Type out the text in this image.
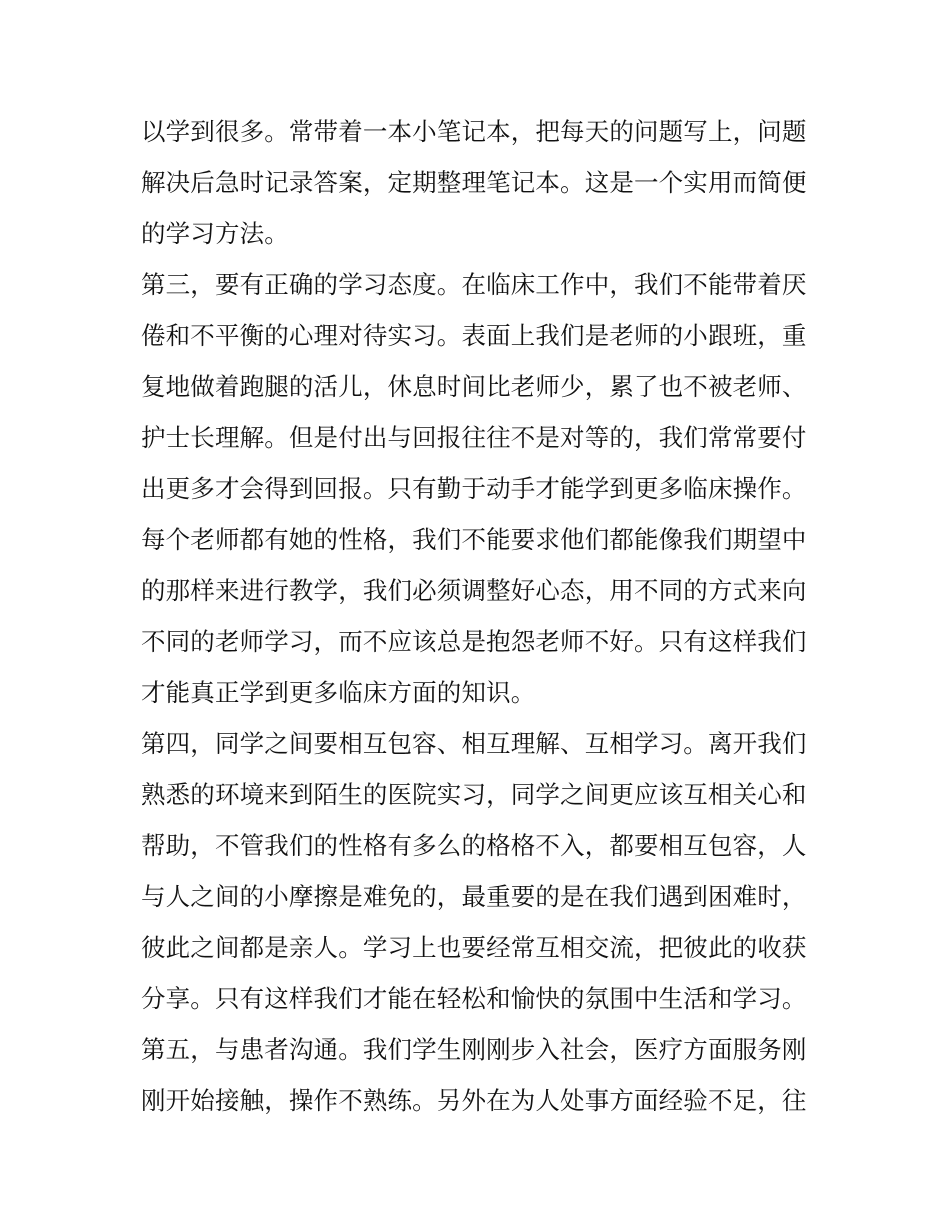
以学到很多。常带着一本小笔记本，把每天的问题写上，问题
解决后急时记录答案，定期整理笔记本。这是一个实用而简便
的学习方法。
第三，要有正确的学习态度。在临床工作中，我们不能带着厌
倦和不平衡的心理对待实习。表面上我们是老师的小跟班，重
复地做着跑腿的活儿，休息时间比老师少，累了也不被老师、
护士长理解。但是付出与回报往往不是对等的，我们常常要付
出更多才会得到回报。只有勤于动手才能学到更多临床操作。
每个老师都有她的性格，我们不能要求他们都能像我们期望中
的那样来进行教学，我们必须调整好心态，用不同的方式来向
不同的老师学习，而不应该总是抱怨老师不好。只有这样我们
才能真正学到更多临床方面的知识。
第四，同学之间要相互包容、相互理解、互相学习。离开我们
熟悉的环境来到陌生的医院实习，同学之间更应该互相关心和
帮助，不管我们的性格有多么的格格不入，都要相互包容，人
与人之间的小摩擦是难免的，最重要的是在我们遇到困难时，
彼此之间都是亲人。学习上也要经常互相交流，把彼此的收获
分享。只有这样我们才能在轻松和愉快的氛围中生活和学习。
第五，与患者沟通。我们学生刚刚步入社会，医疗方面服务刚
刚开始接触，操作不熟练。另外在为人处事方面经验不足，往
